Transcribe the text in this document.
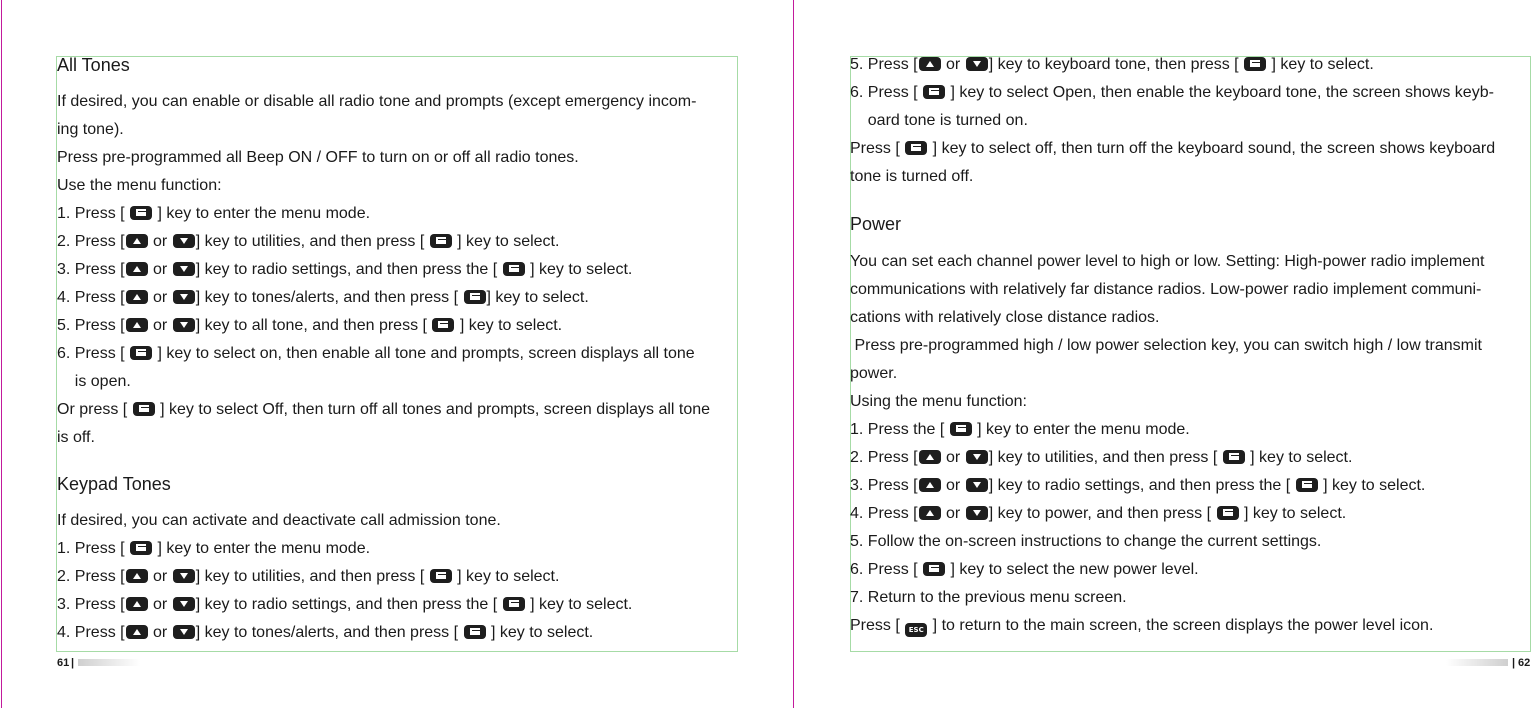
All Tones
If desired, you can enable or disable all radio tone and prompts (except emergency incom-
ing tone).
Press pre-programmed all Beep ON / OFF to turn on or off all radio tones.
Use the menu function:
1. Press [  ] key to enter the menu mode.
2. Press [ or ] key to utilities, and then press [  ] key to select.
3. Press [ or ] key to radio settings, and then press the [  ] key to select.
4. Press [ or ] key to tones/alerts, and then press [ ] key to select.
5. Press [ or ] key to all tone, and then press [  ] key to select.
6. Press [  ] key to select on, then enable all tone and prompts, screen displays all tone
is open.
Or press [  ] key to select Off, then turn off all tones and prompts, screen displays all tone
is off.
Keypad Tones
If desired, you can activate and deactivate call admission tone.
1. Press [  ] key to enter the menu mode.
2. Press [ or ] key to utilities, and then press [  ] key to select.
3. Press [ or ] key to radio settings, and then press the [  ] key to select.
4. Press [ or ] key to tones/alerts, and then press [  ] key to select.
5. Press [ or ] key to keyboard tone, then press [  ] key to select.
6. Press [  ] key to select Open, then enable the keyboard tone, the screen shows keyb-
oard tone is turned on.
Press [  ] key to select off, then turn off the keyboard sound, the screen shows keyboard
tone is turned off.
Power
You can set each channel power level to high or low. Setting: High-power radio implement
communications with relatively far distance radios. Low-power radio implement communi-
cations with relatively close distance radios.
Press pre-programmed high / low power selection key, you can switch high / low transmit
power.
Using the menu function:
1. Press the [  ] key to enter the menu mode.
2. Press [ or ] key to utilities, and then press [  ] key to select.
3. Press [ or ] key to radio settings, and then press the [  ] key to select.
4. Press [ or ] key to power, and then press [  ] key to select.
5. Follow the on-screen instructions to change the current settings.
6. Press [  ] key to select the new power level.
7. Return to the previous menu screen.
Press [ ESC ] to return to the main screen, the screen displays the power level icon.
61 |	| 62
